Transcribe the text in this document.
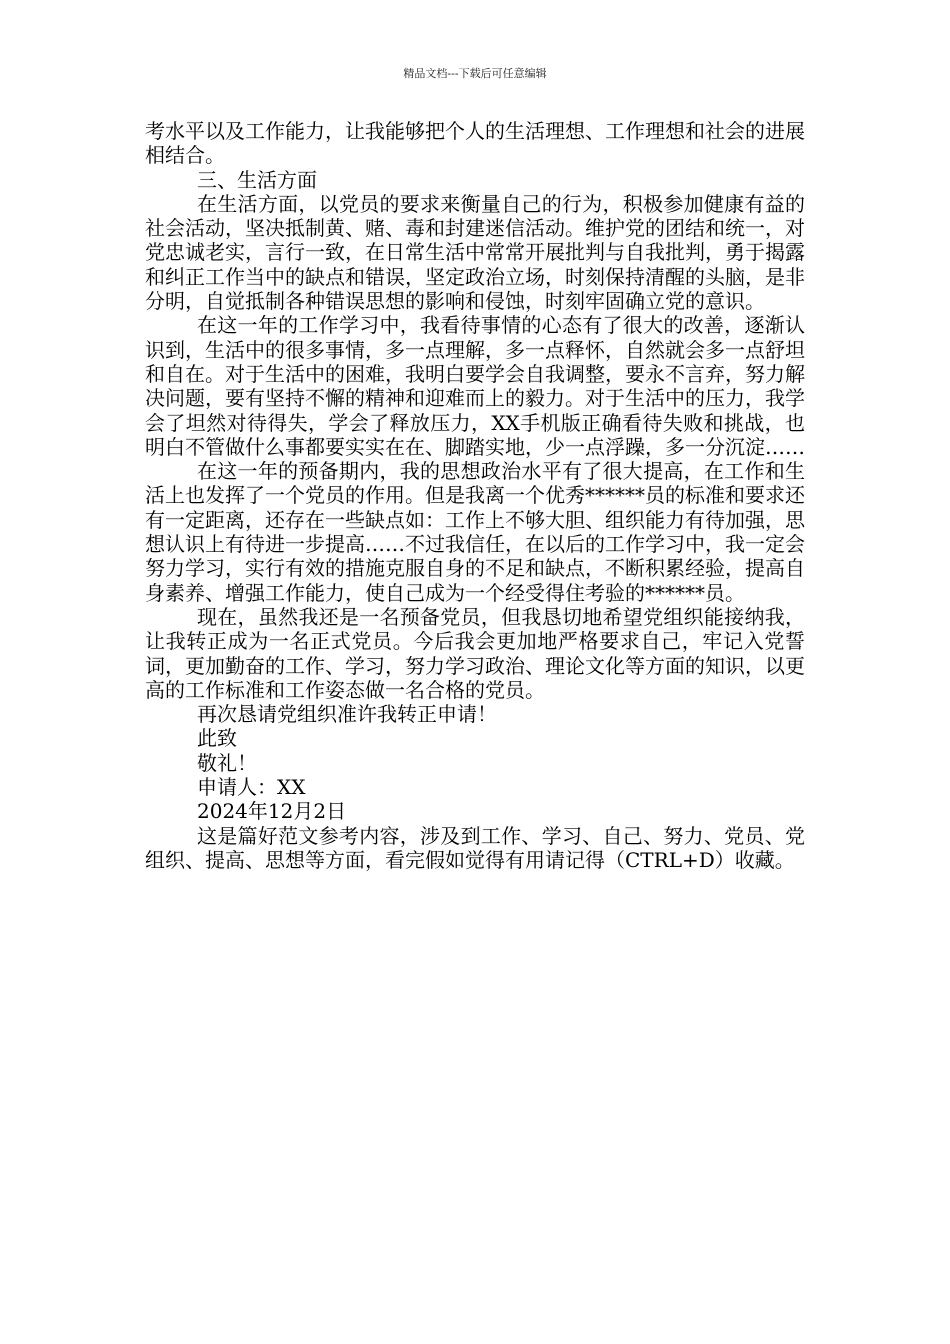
精品文档---下载后可任意编辑

考水平以及工作能力，让我能够把个人的生活理想、工作理想和社会的进展相结合。

三、生活方面

在生活方面，以党员的要求来衡量自己的行为，积极参加健康有益的社会活动，坚决抵制黄、赌、毒和封建迷信活动。维护党的团结和统一，对党忠诚老实，言行一致，在日常生活中常常开展批判与自我批判，勇于揭露和纠正工作当中的缺点和错误，坚定政治立场，时刻保持清醒的头脑，是非分明，自觉抵制各种错误思想的影响和侵蚀，时刻牢固确立党的意识。

在这一年的工作学习中，我看待事情的心态有了很大的改善，逐渐认识到，生活中的很多事情，多一点理解，多一点释怀，自然就会多一点舒坦和自在。对于生活中的困难，我明白要学会自我调整，要永不言弃，努力解决问题，要有坚持不懈的精神和迎难而上的毅力。对于生活中的压力，我学会了坦然对待得失，学会了释放压力，XX手机版正确看待失败和挑战，也明白不管做什么事都要实实在在、脚踏实地，少一点浮躁，多一分沉淀……

在这一年的预备期内，我的思想政治水平有了很大提高，在工作和生活上也发挥了一个党员的作用。但是我离一个优秀******员的标准和要求还有一定距离，还存在一些缺点如：工作上不够大胆、组织能力有待加强，思想认识上有待进一步提高……不过我信任，在以后的工作学习中，我一定会努力学习，实行有效的措施克服自身的不足和缺点，不断积累经验，提高自身素养、增强工作能力，使自己成为一个经受得住考验的******员。

现在，虽然我还是一名预备党员，但我恳切地希望党组织能接纳我，让我转正成为一名正式党员。今后我会更加地严格要求自己，牢记入党誓词，更加勤奋的工作、学习，努力学习政治、理论文化等方面的知识，以更高的工作标准和工作姿态做一名合格的党员。

再次恳请党组织准许我转正申请！

此致

敬礼！

申请人：XX

2024年12月2日

这是篇好范文参考内容，涉及到工作、学习、自己、努力、党员、党组织、提高、思想等方面，看完假如觉得有用请记得（CTRL+D）收藏。
